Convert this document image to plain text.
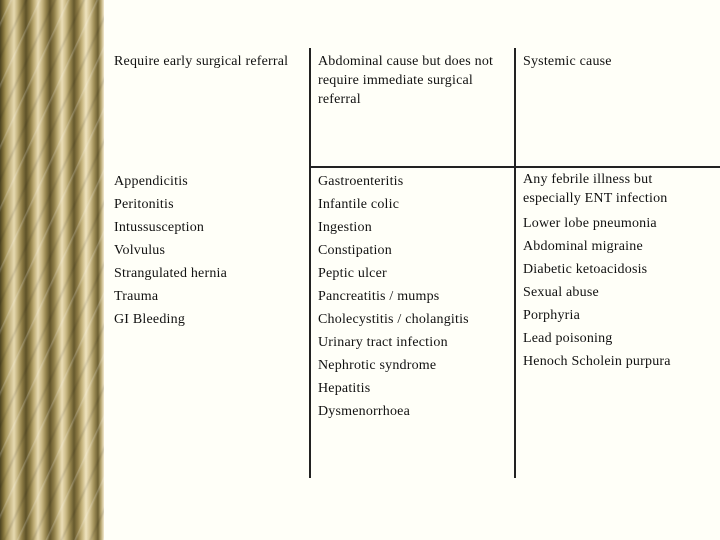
Require early surgical referral	Abdominal cause but does not require immediate surgical referral
Systemic cause
Appendicitis
Peritonitis
Intussusception
Volvulus
Strangulated hernia
Trauma
GI Bleeding
Gastroenteritis
Infantile colic
Ingestion
Constipation
Peptic ulcer
Pancreatitis / mumps
Cholecystitis / cholangitis
Urinary tract infection
Nephrotic syndrome
Hepatitis
Dysmenorrhoea
Any febrile illness but especially ENT infection
Lower lobe pneumonia
Abdominal migraine
Diabetic ketoacidosis
Sexual abuse
Porphyria
Lead poisoning
Henoch Scholein purpura
